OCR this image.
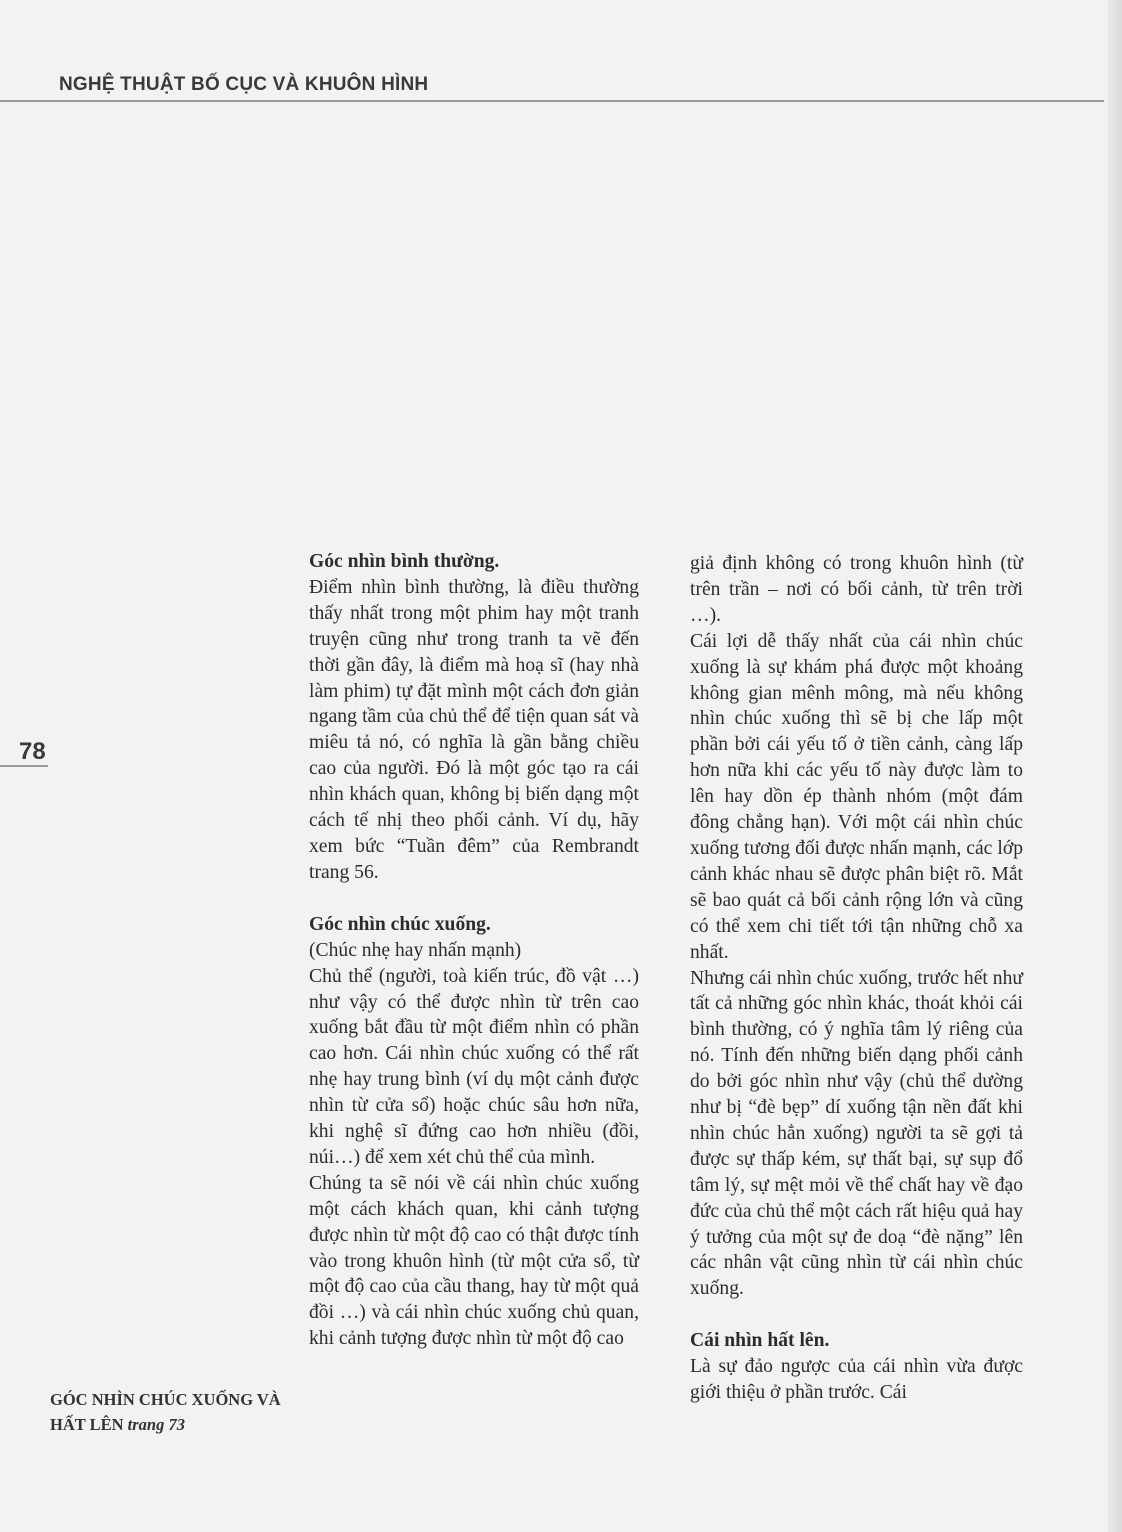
NGHỆ THUẬT BỐ CỤC VÀ KHUÔN HÌNH
78
GÓC NHÌN CHÚC XUỐNG VÀ HẤT LÊN trang 73
Góc nhìn bình thường.

Điểm nhìn bình thường, là điều thường thấy nhất trong một phim hay một tranh truyện cũng như trong tranh ta vẽ đến thời gần đây, là điểm mà hoạ sĩ (hay nhà làm phim) tự đặt mình một cách đơn giản ngang tầm của chủ thể để tiện quan sát và miêu tả nó, có nghĩa là gần bằng chiều cao của người. Đó là một góc tạo ra cái nhìn khách quan, không bị biến dạng một cách tế nhị theo phối cảnh. Ví dụ, hãy xem bức “Tuần đêm” của Rembrandt trang 56.

Góc nhìn chúc xuống.

(Chúc nhẹ hay nhấn mạnh)

Chủ thể (người, toà kiến trúc, đồ vật …) như vậy có thể được nhìn từ trên cao xuống bắt đầu từ một điểm nhìn có phần cao hơn. Cái nhìn chúc xuống có thể rất nhẹ hay trung bình (ví dụ một cảnh được nhìn từ cửa sổ) hoặc chúc sâu hơn nữa, khi nghệ sĩ đứng cao hơn nhiều (đồi, núi…) để xem xét chủ thể của mình.

Chúng ta sẽ nói về cái nhìn chúc xuống một cách khách quan, khi cảnh tượng được nhìn từ một độ cao có thật được tính vào trong khuôn hình (từ một cửa sổ, từ một độ cao của cầu thang, hay từ một quả đồi …) và cái nhìn chúc xuống chủ quan, khi cảnh tượng được nhìn từ một độ cao

giả định không có trong khuôn hình (từ trên trần – nơi có bối cảnh, từ trên trời …).

Cái lợi dễ thấy nhất của cái nhìn chúc xuống là sự khám phá được một khoảng không gian mênh mông, mà nếu không nhìn chúc xuống thì sẽ bị che lấp một phần bởi cái yếu tố ở tiền cảnh, càng lấp hơn nữa khi các yếu tố này được làm to lên hay dồn ép thành nhóm (một đám đông chẳng hạn). Với một cái nhìn chúc xuống tương đối được nhấn mạnh, các lớp cảnh khác nhau sẽ được phân biệt rõ. Mắt sẽ bao quát cả bối cảnh rộng lớn và cũng có thể xem chi tiết tới tận những chỗ xa nhất.

Nhưng cái nhìn chúc xuống, trước hết như tất cả những góc nhìn khác, thoát khỏi cái bình thường, có ý nghĩa tâm lý riêng của nó. Tính đến những biến dạng phối cảnh do bởi góc nhìn như vậy (chủ thể dường như bị “đè bẹp” dí xuống tận nền đất khi nhìn chúc hẳn xuống) người ta sẽ gợi tả được sự thấp kém, sự thất bại, sự sụp đổ tâm lý, sự mệt mỏi về thể chất hay về đạo đức của chủ thể một cách rất hiệu quả hay ý tưởng của một sự đe doạ “đè nặng” lên các nhân vật cũng nhìn từ cái nhìn chúc xuống.

Cái nhìn hất lên.

Là sự đảo ngược của cái nhìn vừa được giới thiệu ở phần trước. Cái
